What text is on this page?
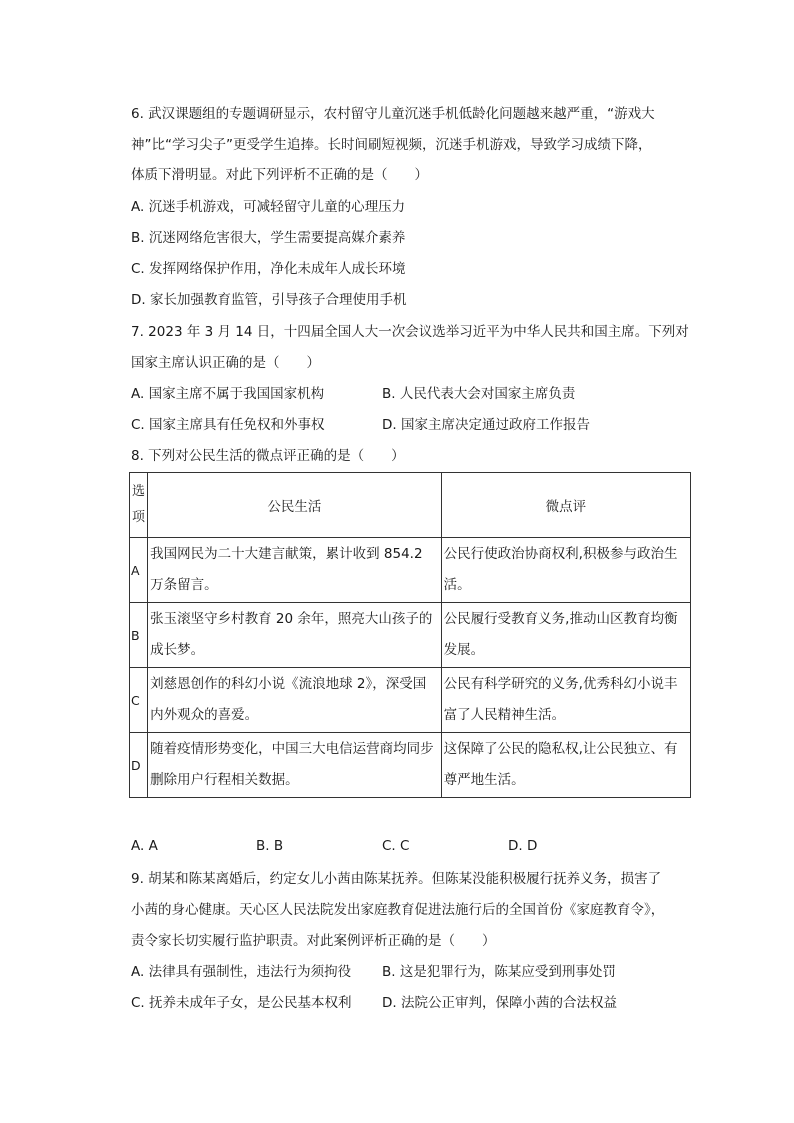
6. 武汉课题组的专题调研显示，农村留守儿童沉迷手机低龄化问题越来越严重，“游戏大
神”比“学习尖子”更受学生追捧。长时间刷短视频，沉迷手机游戏，导致学习成绩下降，
体质下滑明显。对此下列评析不正确的是（　　）
A. 沉迷手机游戏，可减轻留守儿童的心理压力
B. 沉迷网络危害很大，学生需要提高媒介素养
C. 发挥网络保护作用，净化未成年人成长环境
D. 家长加强教育监管，引导孩子合理使用手机
7. 2023 年 3 月 14 日，十四届全国人大一次会议选举习近平为中华人民共和国主席。下列对
国家主席认识正确的是（　　）
A. 国家主席不属于我国国家机构	B. 人民代表大会对国家主席负责
C. 国家主席具有任免权和外事权	D. 国家主席决定通过政府工作报告
8. 下列对公民生活的微点评正确的是（　　）
选项	公民生活	微点评
A	我国网民为二十大建言献策，累计收到 854.2 万条留言。	公民行使政治协商权利,积极参与政治生活。

B	张玉滚坚守乡村教育 20 余年，照亮大山孩子的成长梦。	公民履行受教育义务,推动山区教育均衡发展。

C	刘慈恩创作的科幻小说《流浪地球 2》，深受国内外观众的喜爱。	公民有科学研究的义务,优秀科幻小说丰富了人民精神生活。

D	随着疫情形势变化，中国三大电信运营商均同步删除用户行程相关数据。	这保障了公民的隐私权,让公民独立、有尊严地生活。
A. A	B. B	C. C	D. D
9. 胡某和陈某离婚后，约定女儿小茜由陈某抚养。但陈某没能积极履行抚养义务，损害了
小茜的身心健康。天心区人民法院发出家庭教育促进法施行后的全国首份《家庭教育令》，
责令家长切实履行监护职责。对此案例评析正确的是（　　）
A. 法律具有强制性，违法行为须拘役 B. 这是犯罪行为，陈某应受到刑事处罚
C. 抚养未成年子女，是公民基本权利 D. 法院公正审判，保障小茜的合法权益
